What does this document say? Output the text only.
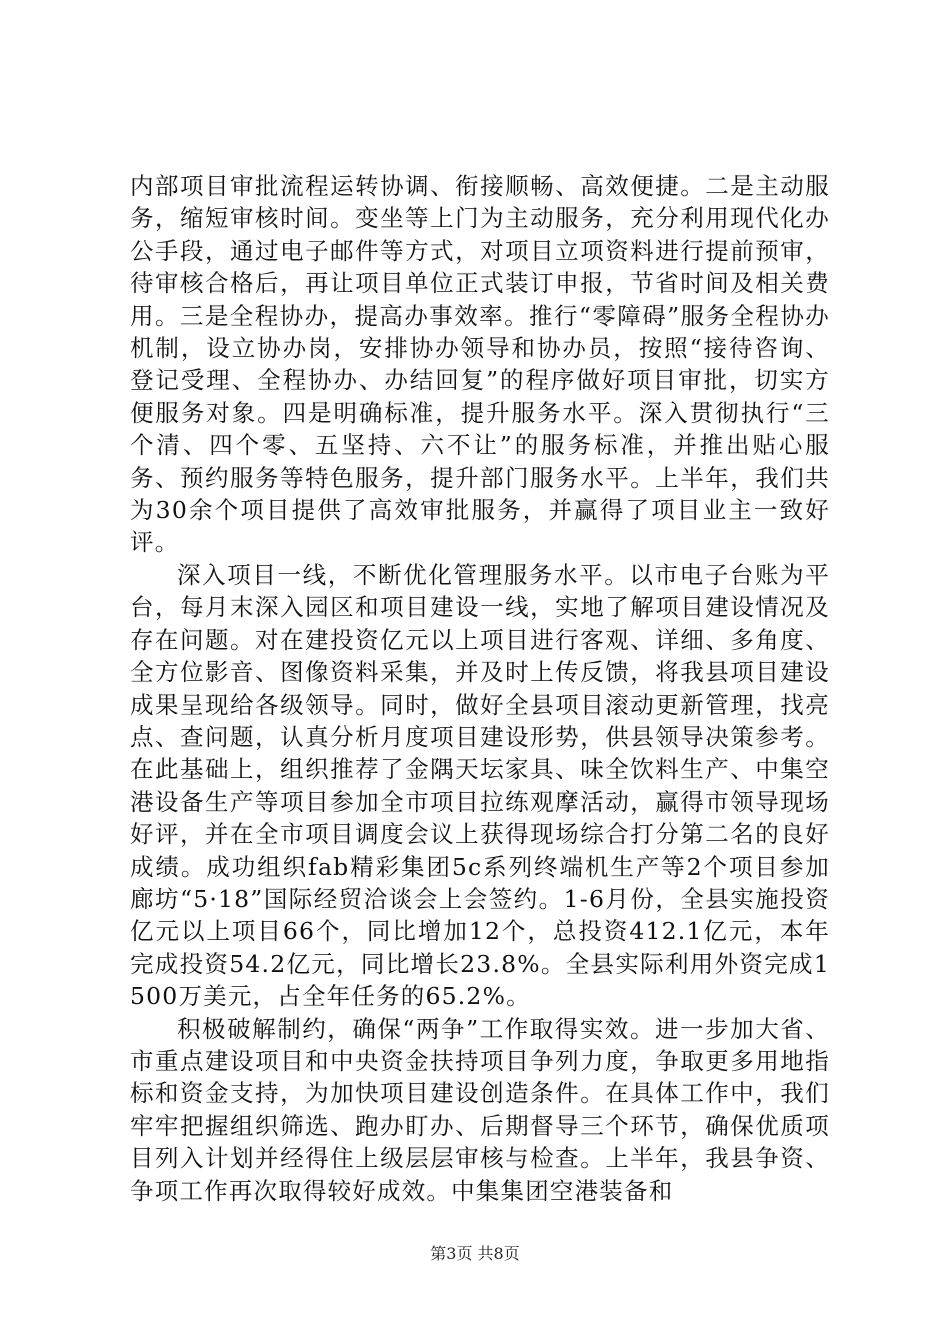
内部项目审批流程运转协调、衔接顺畅、高效便捷。二是主动服务，缩短审核时间。变坐等上门为主动服务，充分利用现代化办公手段，通过电子邮件等方式，对项目立项资料进行提前预审，待审核合格后，再让项目单位正式装订申报，节省时间及相关费用。三是全程协办，提高办事效率。推行“零障碍”服务全程协办机制，设立协办岗，安排协办领导和协办员，按照“接待咨询、登记受理、全程协办、办结回复”的程序做好项目审批，切实方便服务对象。四是明确标准，提升服务水平。深入贯彻执行“三个清、四个零、五坚持、六不让”的服务标准，并推出贴心服务、预约服务等特色服务，提升部门服务水平。上半年，我们共为30余个项目提供了高效审批服务，并赢得了项目业主一致好评。

深入项目一线，不断优化管理服务水平。以市电子台账为平台，每月末深入园区和项目建设一线，实地了解项目建设情况及存在问题。对在建投资亿元以上项目进行客观、详细、多角度、全方位影音、图像资料采集，并及时上传反馈，将我县项目建设成果呈现给各级领导。同时，做好全县项目滚动更新管理，找亮点、查问题，认真分析月度项目建设形势，供县领导决策参考。在此基础上，组织推荐了金隅天坛家具、味全饮料生产、中集空港设备生产等项目参加全市项目拉练观摩活动，赢得市领导现场好评，并在全市项目调度会议上获得现场综合打分第二名的良好成绩。成功组织fab精彩集团5c系列终端机生产等2个项目参加廊坊“5·18”国际经贸洽谈会上会签约。1-6月份，全县实施投资亿元以上项目66个，同比增加12个，总投资412.1亿元，本年完成投资54.2亿元，同比增长23.8%。全县实际利用外资完成1500万美元，占全年任务的65.2%。

积极破解制约，确保“两争”工作取得实效。进一步加大省、市重点建设项目和中央资金扶持项目争列力度，争取更多用地指标和资金支持，为加快项目建设创造条件。在具体工作中，我们牢牢把握组织筛选、跑办盯办、后期督导三个环节，确保优质项目列入计划并经得住上级层层审核与检查。上半年，我县争资、争项工作再次取得较好成效。中集集团空港装备和

第3页 共8页
